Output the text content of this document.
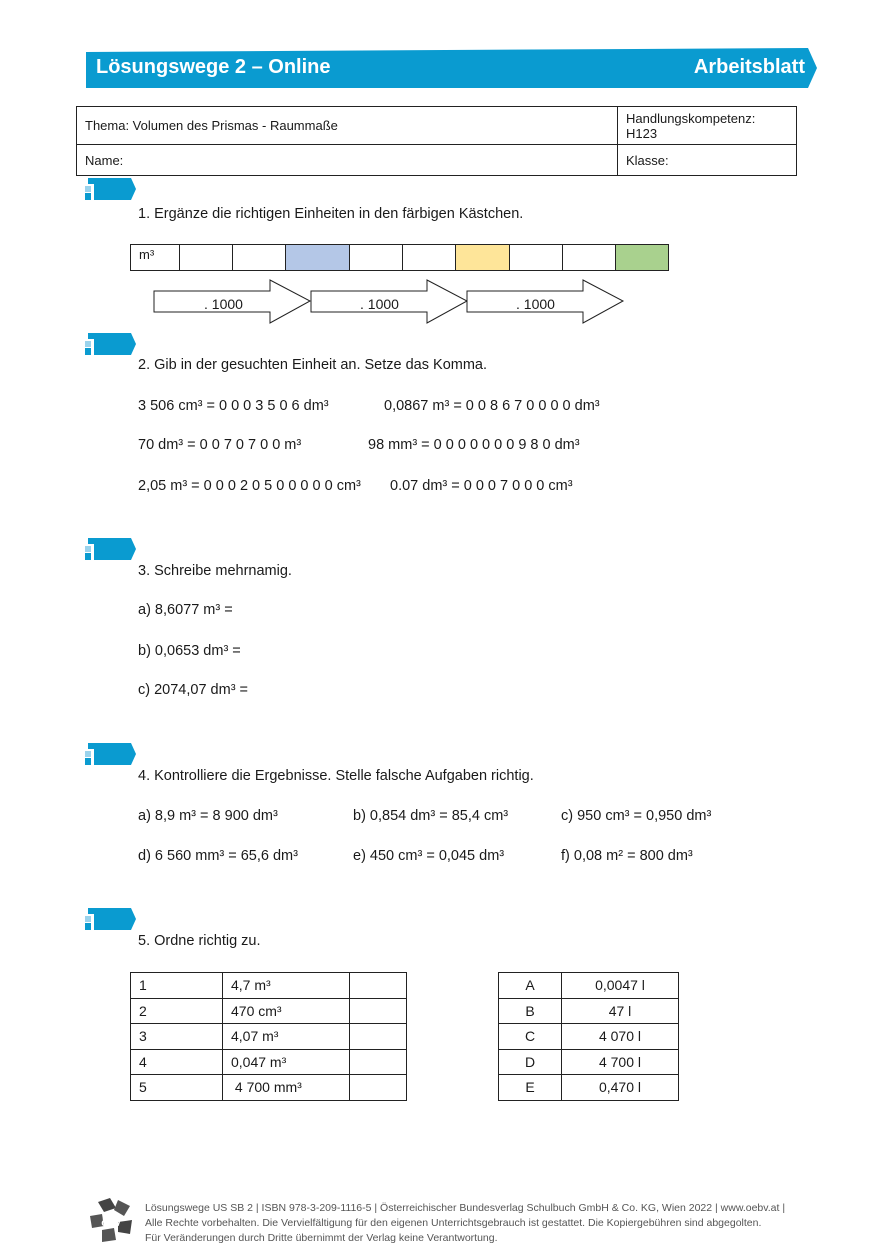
Lösungswege 2 – Online	Arbeitsblatt
Thema: Volumen des Prismas - Raummaße	Handlungskompetenz:
H123

Name:	Klasse:
1. Ergänze die richtigen Einheiten in den färbigen Kästchen.
m³
. 1000	. 1000	. 1000
2. Gib in der gesuchten Einheit an. Setze das Komma.
3 506 cm³ = 0 0 0 3 5 0 6 dm³	0,0867 m³ = 0 0 8 6 7 0 0 0 0 dm³
70 dm³ = 0 0 7 0 7 0 0 m³	98 mm³ = 0 0 0 0 0 0 0 9 8 0 dm³
2,05 m³ = 0 0 0 2 0 5 0 0 0 0 0 cm³ 0.07 dm³ = 0 0 0 7 0 0 0 cm³
3. Schreibe mehrnamig.
a) 8,6077 m³ =
b) 0,0653 dm³ =
c) 2074,07 dm³ =
4. Kontrolliere die Ergebnisse. Stelle falsche Aufgaben richtig.
a) 8,9 m³ = 8 900 dm³	b) 0,854 dm³ = 85,4 cm³	c) 950 cm³ = 0,950 dm³
d) 6 560 mm³ = 65,6 dm³	e) 450 cm³ = 0,045 dm³	f) 0,08 m² = 800 dm³
5. Ordne richtig zu.
1	4,7 m³	
2	470 cm³	
3	4,07 m³	
4	0,047 m³	
5	4 700 mm³	
A	0,0047 l
B	47 l
C	4 070 l
D	4 700 l
E	0,470 l
öbv
Lösungswege US SB 2 | ISBN 978-3-209-1116-5 | Österreichischer Bundesverlag Schulbuch GmbH & Co. KG, Wien 2022 | www.oebv.at |
Alle Rechte vorbehalten. Die Vervielfältigung für den eigenen Unterrichtsgebrauch ist gestattet. Die Kopiergebühren sind abgegolten.
Für Veränderungen durch Dritte übernimmt der Verlag keine Verantwortung.
